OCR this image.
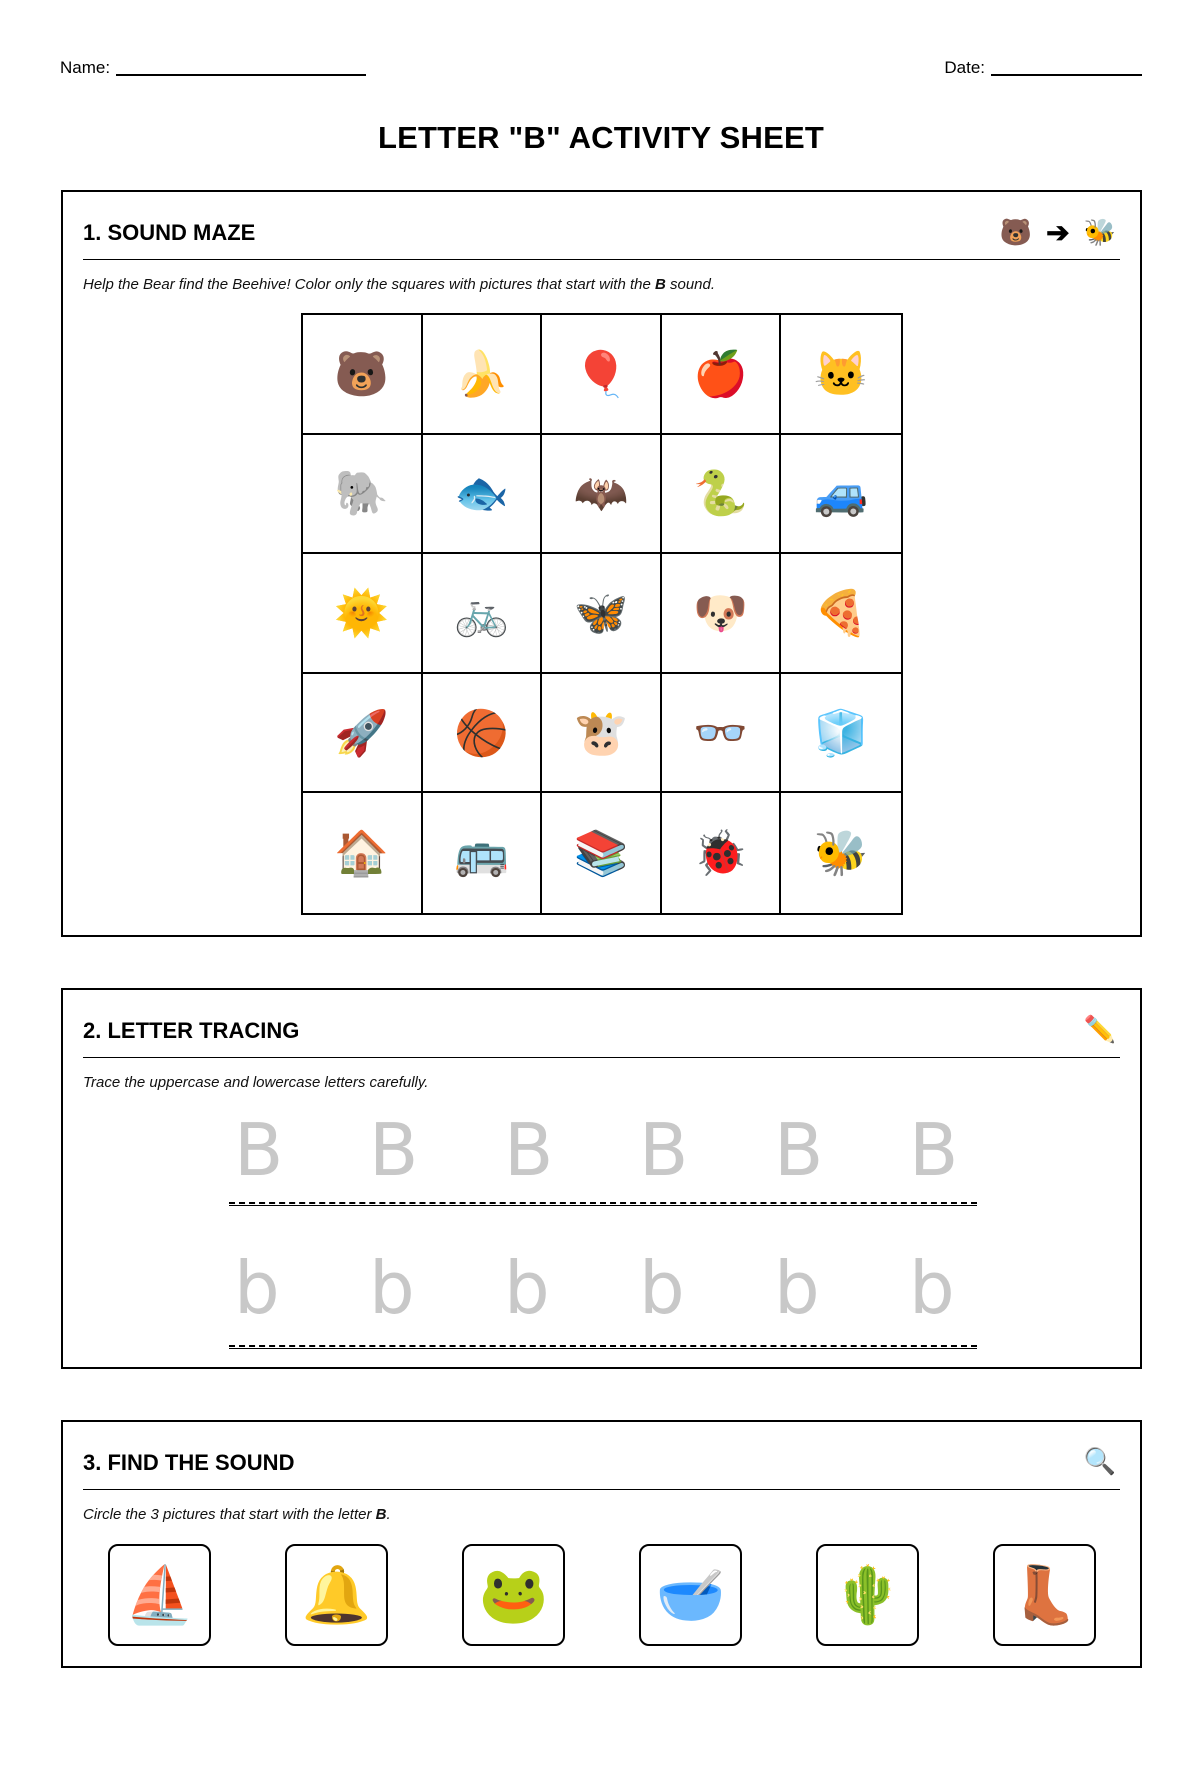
Name:	Date:
LETTER "B" ACTIVITY SHEET
1. SOUND MAZE	🐻 ➔ 🐝
Help the Bear find the Beehive! Color only the squares with pictures that start with the B sound.
🐻 🍌 🎈 🍎 🐱
🐘 🐟 🦇 🐍 🚙
🌞 🚲 🦋 🐶 🍕
🚀 🏀 🐮 👓 🧊
🏠 🚌 📚 🐞 🐝
2. LETTER TRACING	✏️
Trace the uppercase and lowercase letters carefully.
B	B	B	B	B	B
b	b	b	b	b	b
3. FIND THE SOUND	🔍
Circle the 3 pictures that start with the letter B.
⛵ 🔔 🐸 🥣 🌵 👢
